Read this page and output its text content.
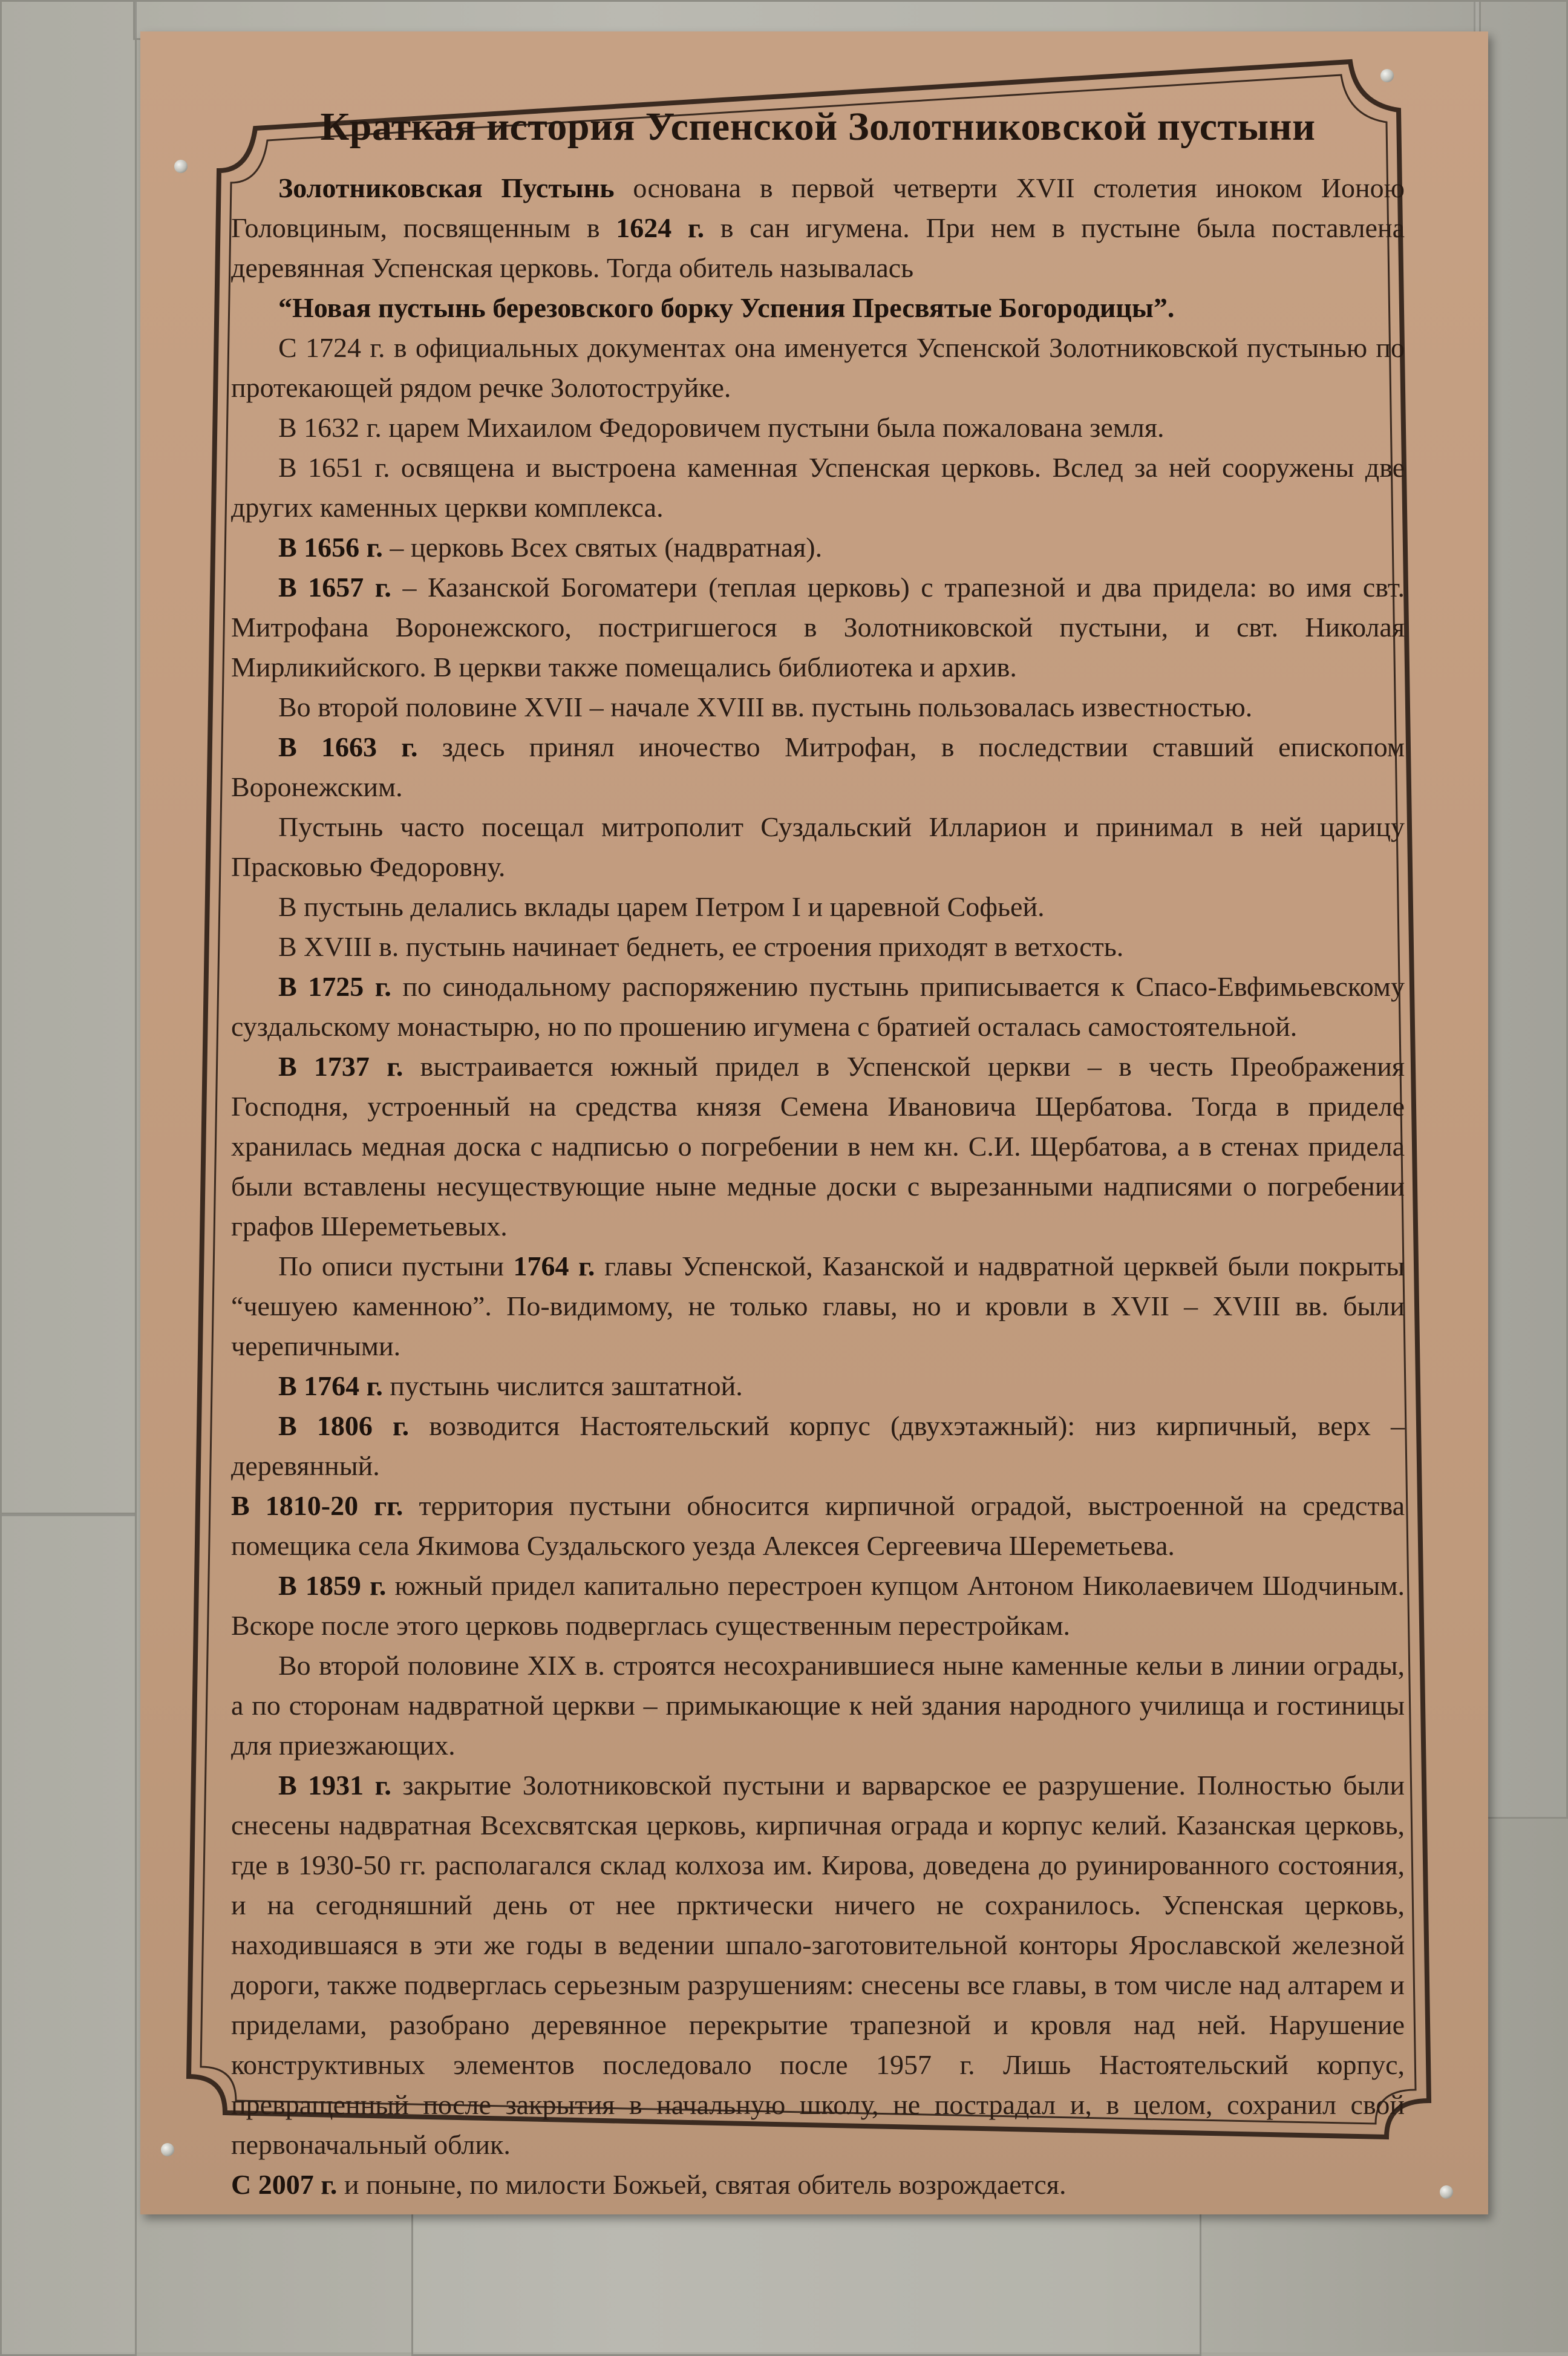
Краткая история Успенской Золотниковской пустыни

Золотниковская Пустынь основана в первой четверти XVII столетия иноком Ионою Головциным, посвященным в 1624 г. в сан игумена. При нем в пустыне была поставлена деревянная Успенская церковь. Тогда обитель называлась

“Новая пустынь березовского борку Успения Пресвятые Богородицы”.

С 1724 г. в официальных документах она именуется Успенской Золотниковской пустынью по протекающей рядом речке Золотоструйке.

В 1632 г. царем Михаилом Федоровичем пустыни была пожалована земля.

В 1651 г. освящена и выстроена каменная Успенская церковь. Вслед за ней сооружены две других каменных церкви комплекса.

В 1656 г. – церковь Всех святых (надвратная).

В 1657 г. – Казанской Богоматери (теплая церковь) с трапезной и два придела: во имя свт. Митрофана Воронежского, постригшегося в Золотниковской пустыни, и свт. Николая Мирликийского. В церкви также помещались библиотека и архив.

Во второй половине XVII – начале XVIII вв. пустынь пользовалась известностью.

В 1663 г. здесь принял иночество Митрофан, в последствии ставший епископом Воронежским.

Пустынь часто посещал митрополит Суздальский Илларион и принимал в ней царицу Прасковью Федоровну.

В пустынь делались вклады царем Петром I и царевной Софьей.

В XVIII в. пустынь начинает беднеть, ее строения приходят в ветхость.

В 1725 г. по синодальному распоряжению пустынь приписывается к Спасо-Евфимьевскому суздальскому монастырю, но по прошению игумена с братией осталась самостоятельной.

В 1737 г. выстраивается южный придел в Успенской церкви – в честь Преображения Господня, устроенный на средства князя Семена Ивановича Щербатова. Тогда в приделе хранилась медная доска с надписью о погребении в нем кн. С.И. Щербатова, а в стенах придела были вставлены несуществующие ныне медные доски с вырезанными надписями о погребении графов Шереметьевых.

По описи пустыни 1764 г. главы Успенской, Казанской и надвратной церквей были покрыты “чешуею каменною”. По-видимому, не только главы, но и кровли в XVII – XVIII вв. были черепичными.

В 1764 г. пустынь числится заштатной.

В 1806 г. возводится Настоятельский корпус (двухэтажный): низ кирпичный, верх – деревянный.

В 1810-20 гг. территория пустыни обносится кирпичной оградой, выстроенной на средства помещика села Якимова Суздальского уезда Алексея Сергеевича Шереметьева.

В 1859 г. южный придел капитально перестроен купцом Антоном Николаевичем Шодчиным. Вскоре после этого церковь подверглась существенным перестройкам.

Во второй половине XIX в. строятся несохранившиеся ныне каменные кельи в линии ограды, а по сторонам надвратной церкви – примыкающие к ней здания народного училища и гостиницы для приезжающих.

В 1931 г. закрытие Золотниковской пустыни и варварское ее разрушение. Полностью были снесены надвратная Всехсвятская церковь, кирпичная ограда и корпус келий. Казанская церковь, где в 1930-50 гг. располагался склад колхоза им. Кирова, доведена до руинированного состояния, и на сегодняшний день от нее прктически ничего не сохранилось. Успенская церковь, находившаяся в эти же годы в ведении шпало-заготовительной конторы Ярославской железной дороги, также подверглась серьезным разрушениям: снесены все главы, в том числе над алтарем и приделами, разобрано деревянное перекрытие трапезной и кровля над ней. Нарушение конструктивных элементов последовало после 1957 г. Лишь Настоятельский корпус, превращенный после закрытия в начальную школу, не пострадал и, в целом, сохранил свой первоначальный облик.

С 2007 г. и поныне, по милости Божьей, святая обитель возрождается.
